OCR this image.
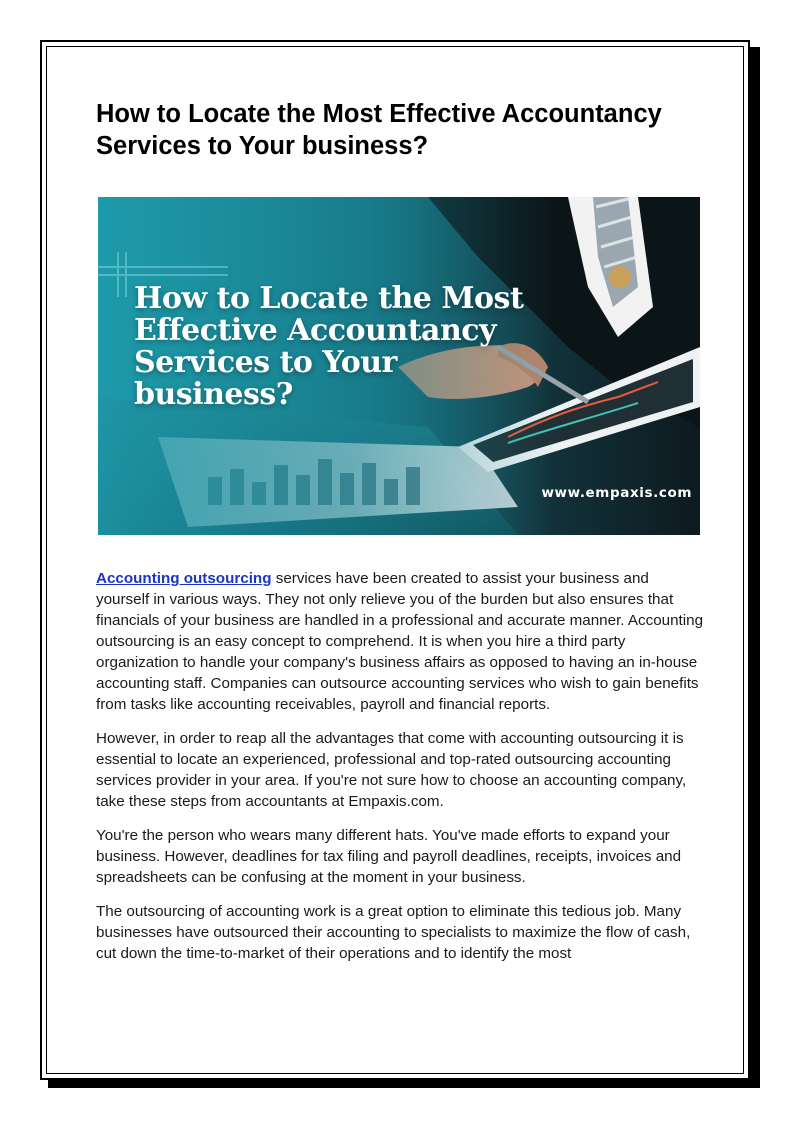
How to Locate the Most Effective Accountancy Services to Your business?
How to Locate the Most
Effective Accountancy
Services to Your
business?
www.empaxis.com

Accounting outsourcing services have been created to assist your business and yourself in various ways. They not only relieve you of the burden but also ensures that financials of your business are handled in a professional and accurate manner. Accounting outsourcing is an easy concept to comprehend. It is when you hire a third party organization to handle your company's business affairs as opposed to having an in-house accounting staff. Companies can outsource accounting services who wish to gain benefits from tasks like accounting receivables, payroll and financial reports.

However, in order to reap all the advantages that come with accounting outsourcing it is essential to locate an experienced, professional and top-rated outsourcing accounting services provider in your area. If you're not sure how to choose an accounting company, take these steps from accountants at Empaxis.com.

You're the person who wears many different hats. You've made efforts to expand your business. However, deadlines for tax filing and payroll deadlines, receipts, invoices and spreadsheets can be confusing at the moment in your business.

The outsourcing of accounting work is a great option to eliminate this tedious job. Many businesses have outsourced their accounting to specialists to maximize the flow of cash, cut down the time-to-market of their operations and to identify the most
